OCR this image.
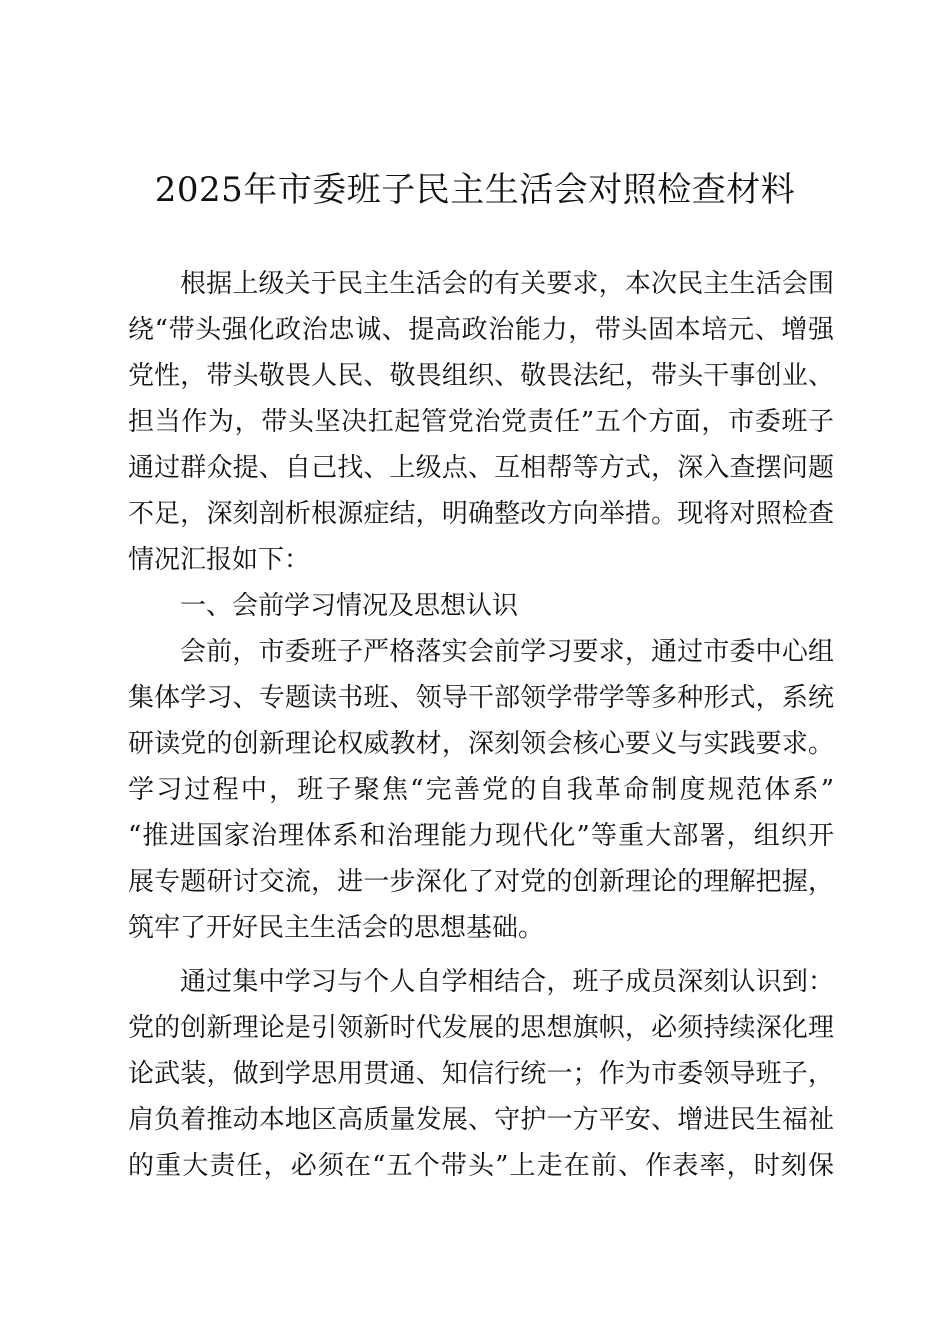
2025年市委班子民主生活会对照检查材料
根据上级关于民主生活会的有关要求，本次民主生活会围
绕“带头强化政治忠诚、提高政治能力，带头固本培元、增强
党性，带头敬畏人民、敬畏组织、敬畏法纪，带头干事创业、
担当作为，带头坚决扛起管党治党责任”五个方面，市委班子
通过群众提、自己找、上级点、互相帮等方式，深入查摆问题
不足，深刻剖析根源症结，明确整改方向举措。现将对照检查
情况汇报如下：
一、会前学习情况及思想认识
会前，市委班子严格落实会前学习要求，通过市委中心组
集体学习、专题读书班、领导干部领学带学等多种形式，系统
研读党的创新理论权威教材，深刻领会核心要义与实践要求。
学习过程中，班子聚焦“完善党的自我革命制度规范体系”
“推进国家治理体系和治理能力现代化”等重大部署，组织开
展专题研讨交流，进一步深化了对党的创新理论的理解把握，
筑牢了开好民主生活会的思想基础。
通过集中学习与个人自学相结合，班子成员深刻认识到：
党的创新理论是引领新时代发展的思想旗帜，必须持续深化理
论武装，做到学思用贯通、知信行统一；作为市委领导班子，
肩负着推动本地区高质量发展、守护一方平安、增进民生福祉
的重大责任，必须在“五个带头”上走在前、作表率，时刻保
